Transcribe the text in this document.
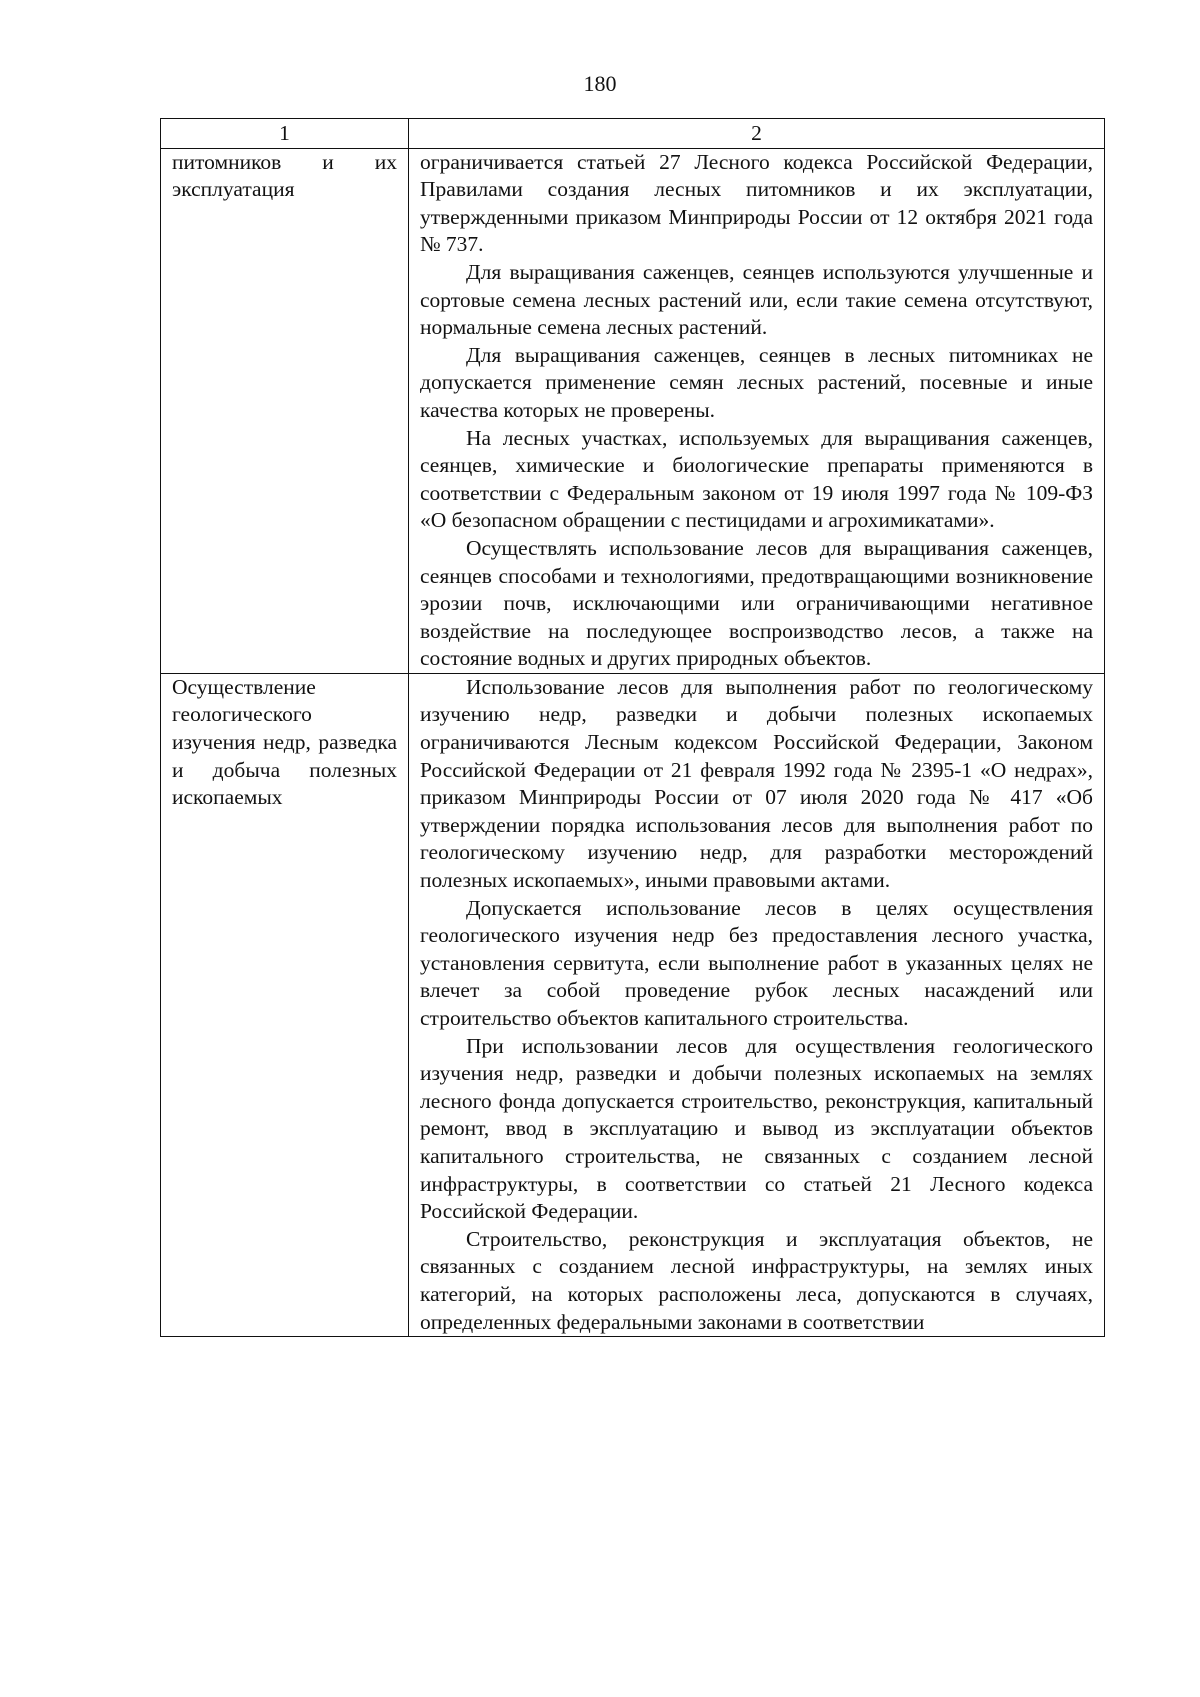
180
1	2

питомников и их эксплуатация	ограничивается статьей 27 Лесного кодекса Российской Федерации, Правилами создания лесных питомников и их эксплуатации, утвержденными приказом Минприроды России от 12 октября 2021 года № 737.

Для выращивания саженцев, сеянцев используются улучшенные и сортовые семена лесных растений или, если такие семена отсутствуют, нормальные семена лесных растений.

Для выращивания саженцев, сеянцев в лесных питомниках не допускается применение семян лесных растений, посевные и иные качества которых не проверены.

На лесных участках, используемых для выращивания саженцев, сеянцев, химические и биологические препараты применяются в соответствии с Федеральным законом от 19 июля 1997 года № 109-ФЗ «О безопасном обращении с пестицидами и агрохимикатами».

Осуществлять использование лесов для выращивания саженцев, сеянцев способами и технологиями, предотвращающими возникновение эрозии почв, исключающими или ограничивающими негативное воздействие на последующее воспроизводство лесов, а также на состояние водных и других природных объектов.

Осуществление геологического изучения недр, разведка и добыча полезных ископаемых	Использование лесов для выполнения работ по геологическому изучению недр, разведки и добычи полезных ископаемых ограничиваются Лесным кодексом Российской Федерации, Законом Российской Федерации от 21 февраля 1992 года № 2395-1 «О недрах», приказом Минприроды России от 07 июля 2020 года № 417 «Об утверждении порядка использования лесов для выполнения работ по геологическому изучению недр, для разработки месторождений полезных ископаемых», иными правовыми актами.

Допускается использование лесов в целях осуществления геологического изучения недр без предоставления лесного участка, установления сервитута, если выполнение работ в указанных целях не влечет за собой проведение рубок лесных насаждений или строительство объектов капитального строительства.

При использовании лесов для осуществления геологического изучения недр, разведки и добычи полезных ископаемых на землях лесного фонда допускается строительство, реконструкция, капитальный ремонт, ввод в эксплуатацию и вывод из эксплуатации объектов капитального строительства, не связанных с созданием лесной инфраструктуры, в соответствии со статьей 21 Лесного кодекса Российской Федерации.

Строительство, реконструкция и эксплуатация объектов, не связанных с созданием лесной инфраструктуры, на землях иных категорий, на которых расположены леса, допускаются в случаях, определенных федеральными законами в соответствии
